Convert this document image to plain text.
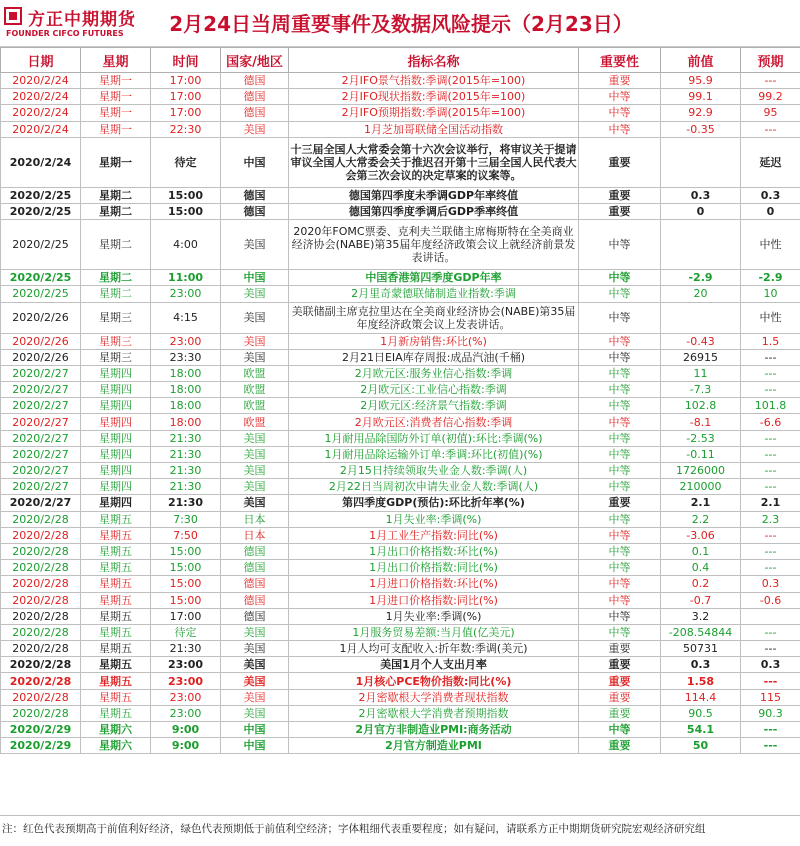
方正中期期货
FOUNDER CIFCO FUTURES 2月24日当周重要事件及数据风险提示（2月23日）
日期	星期	时间	国家/地区	指标名称	重要性	前值	预期
2020/2/24	星期一	17:00	德国	2月IFO景气指数:季调(2015年=100)	重要	95.9	---
2020/2/24	星期一	17:00	德国	2月IFO现状指数:季调(2015年=100)	中等	99.1	99.2
2020/2/24	星期一	17:00	德国	2月IFO预期指数:季调(2015年=100)	中等	92.9	95
2020/2/24	星期一	22:30	美国	1月芝加哥联储全国活动指数	中等	-0.35	---
2020/2/24	星期一	待定	中国	十三届全国人大常委会第十六次会议举行，将审议关于提请审议全国人大常委会关于推迟召开第十三届全国人民代表大会第三次会议的决定草案的议案等。	重要		延迟
2020/2/25	星期二	15:00	德国	德国第四季度未季调GDP年率终值	重要	0.3	0.3
2020/2/25	星期二	15:00	德国	德国第四季度季调后GDP季率终值	重要	0	0
2020/2/25	星期二	4:00	美国	2020年FOMC票委、克利夫兰联储主席梅斯特在全美商业经济协会(NABE)第35届年度经济政策会议上就经济前景发表讲话。	中等		中性
2020/2/25	星期二	11:00	中国	中国香港第四季度GDP年率	中等	-2.9	-2.9
2020/2/25	星期二	23:00	美国	2月里奇蒙德联储制造业指数:季调	中等	20	10
2020/2/26	星期三	4:15	美国	美联储副主席克拉里达在全美商业经济协会(NABE)第35届年度经济政策会议上发表讲话。	中等		中性
2020/2/26	星期三	23:00	美国	1月新房销售:环比(%)	中等	-0.43	1.5
2020/2/26	星期三	23:30	美国	2月21日EIA库存周报:成品汽油(千桶)	中等	26915	---
2020/2/27	星期四	18:00	欧盟	2月欧元区:服务业信心指数:季调	中等	11	---
2020/2/27	星期四	18:00	欧盟	2月欧元区:工业信心指数:季调	中等	-7.3	---
2020/2/27	星期四	18:00	欧盟	2月欧元区:经济景气指数:季调	中等	102.8	101.8
2020/2/27	星期四	18:00	欧盟	2月欧元区:消费者信心指数:季调	中等	-8.1	-6.6
2020/2/27	星期四	21:30	美国	1月耐用品除国防外订单(初值):环比:季调(%)	中等	-2.53	---
2020/2/27	星期四	21:30	美国	1月耐用品除运输外订单:季调:环比(初值)(%)	中等	-0.11	---
2020/2/27	星期四	21:30	美国	2月15日持续领取失业金人数:季调(人)	中等	1726000	---
2020/2/27	星期四	21:30	美国	2月22日当周初次申请失业金人数:季调(人)	中等	210000	---
2020/2/27	星期四	21:30	美国	第四季度GDP(预估):环比折年率(%)	重要	2.1	2.1
2020/2/28	星期五	7:30	日本	1月失业率:季调(%)	中等	2.2	2.3
2020/2/28	星期五	7:50	日本	1月工业生产指数:同比(%)	中等	-3.06	---
2020/2/28	星期五	15:00	德国	1月出口价格指数:环比(%)	中等	0.1	---
2020/2/28	星期五	15:00	德国	1月出口价格指数:同比(%)	中等	0.4	---
2020/2/28	星期五	15:00	德国	1月进口价格指数:环比(%)	中等	0.2	0.3
2020/2/28	星期五	15:00	德国	1月进口价格指数:同比(%)	中等	-0.7	-0.6
2020/2/28	星期五	17:00	德国	1月失业率:季调(%)	中等	3.2	
2020/2/28	星期五	待定	美国	1月服务贸易差额:当月值(亿美元)	中等	-208.54844	---
2020/2/28	星期五	21:30	美国	1月人均可支配收入:折年数:季调(美元)	重要	50731	---
2020/2/28	星期五	23:00	美国	美国1月个人支出月率	重要	0.3	0.3
2020/2/28	星期五	23:00	美国	1月核心PCE物价指数:同比(%)	重要	1.58	---
2020/2/28	星期五	23:00	美国	2月密歇根大学消费者现状指数	重要	114.4	115
2020/2/28	星期五	23:00	美国	2月密歇根大学消费者预期指数	重要	90.5	90.3
2020/2/29	星期六	9:00	中国	2月官方非制造业PMI:商务活动	中等	54.1	---
2020/2/29	星期六	9:00	中国	2月官方制造业PMI	重要	50	---
注：红色代表预期高于前值利好经济，绿色代表预期低于前值利空经济；字体粗细代表重要程度；如有疑问，请联系方正中期期货研究院宏观经济研究组
